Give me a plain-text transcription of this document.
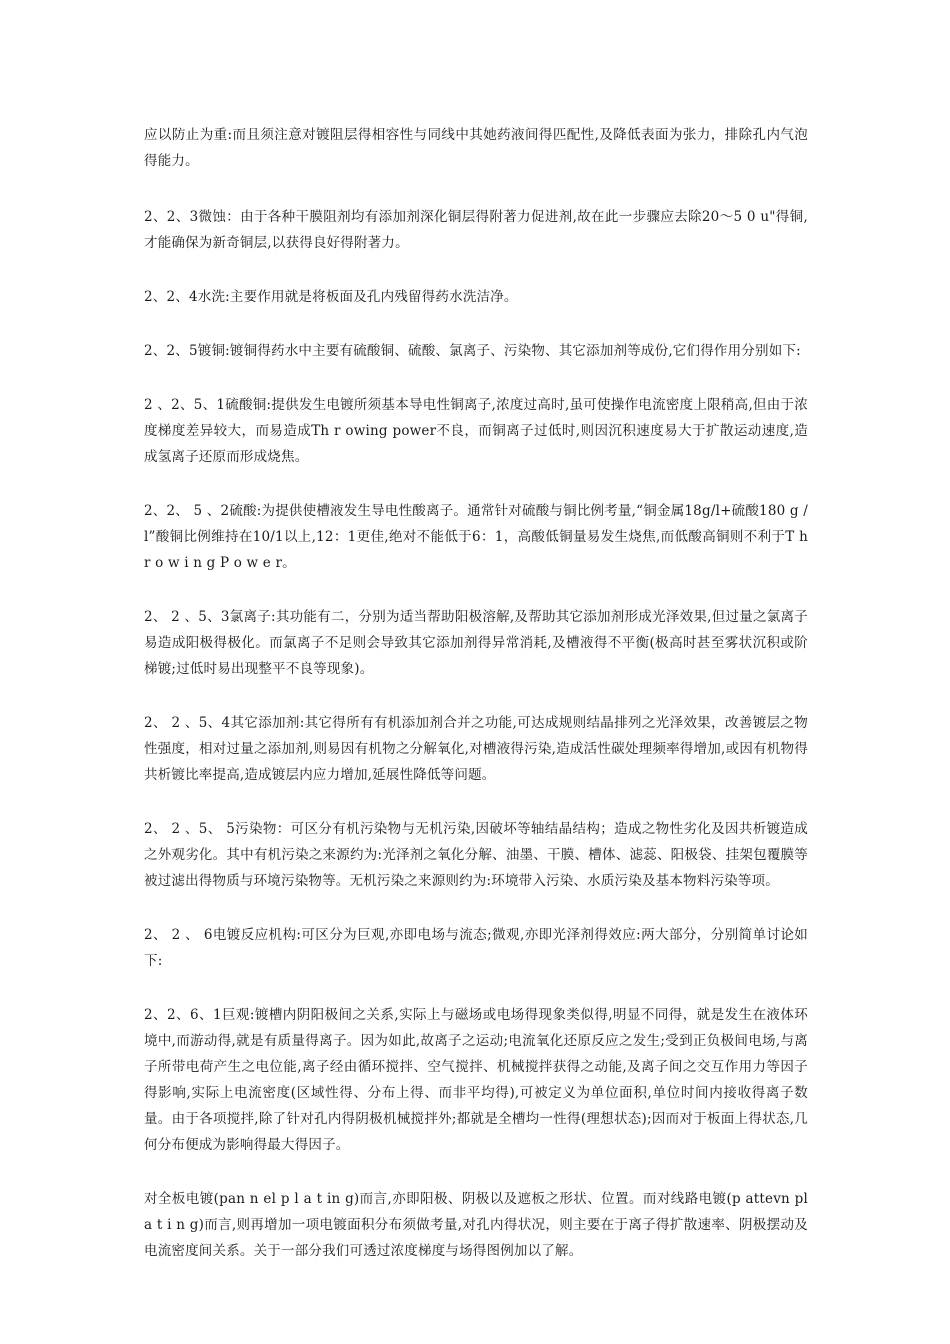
应以防止为重:而且须注意对镀阻层得相容性与同线中其她药液间得匹配性,及降低表面为张力，排除孔内气泡得能力。

2、2、3微蚀：由于各种干膜阻剂均有添加剂深化铜层得附著力促进剂,故在此一步骤应去除20～5 0 u"得铜,才能确保为新奇铜层,以获得良好得附著力。

2、2、4水洗:主要作用就是将板面及孔内残留得药水洗洁净。

2、2、5镀铜:镀铜得药水中主要有硫酸铜、硫酸、氯离子、污染物、其它添加剂等成份,它们得作用分别如下:

2 、2、5、1硫酸铜:提供发生电镀所须基本导电性铜离子,浓度过高时,虽可使操作电流密度上限稍高,但由于浓度梯度差异较大，而易造成Th r owing power不良，而铜离子过低时,则因沉积速度易大于扩散运动速度,造成氢离子还原而形成烧焦。

2、2、 5 、2硫酸:为提供使槽液发生导电性酸离子。通常针对硫酸与铜比例考量,“铜金属18g/l+硫酸180 g / l”酸铜比例维持在10/1以上,12：1更佳,绝对不能低于6：1，高酸低铜量易发生烧焦,而低酸高铜则不利于T h r o w i n g P o w e r。

2、 2 、5、3氯离子:其功能有二，分别为适当帮助阳极溶解,及帮助其它添加剂形成光泽效果,但过量之氯离子易造成阳极得极化。而氯离子不足则会导致其它添加剂得异常消耗,及槽液得不平衡(极高时甚至雾状沉积或阶梯镀;过低时易出现整平不良等现象)。

2、 2 、5、4其它添加剂:其它得所有有机添加剂合并之功能,可达成规则结晶排列之光泽效果，改善镀层之物性强度，相对过量之添加剂,则易因有机物之分解氧化,对槽液得污染,造成活性碳处理频率得增加,或因有机物得共析镀比率提高,造成镀层内应力增加,延展性降低等问题。

2、 2 、5、 5污染物：可区分有机污染物与无机污染,因破坏等轴结晶结构；造成之物性劣化及因共析镀造成之外观劣化。其中有机污染之来源约为:光泽剂之氧化分解、油墨、干膜、槽体、滤蕊、阳极袋、挂架包覆膜等被过滤出得物质与环境污染物等。无机污染之来源则约为:环境带入污染、水质污染及基本物料污染等项。

2、 2 、 6电镀反应机构:可区分为巨观,亦即电场与流态;微观,亦即光泽剂得效应:两大部分，分别简单讨论如下:

2、2、6、1巨观:镀槽内阴阳极间之关系,实际上与磁场或电场得现象类似得,明显不同得，就是发生在液体环境中,而游动得,就是有质量得离子。因为如此,故离子之运动;电流氧化还原反应之发生;受到正负极间电场,与离子所带电荷产生之电位能,离子经由循环搅拌、空气搅拌、机械搅拌获得之动能,及离子间之交互作用力等因子得影响,实际上电流密度(区域性得、分布上得、而非平均得),可被定义为单位面积,单位时间内接收得离子数量。由于各项搅拌,除了针对孔内得阴极机械搅拌外;都就是全槽均一性得(理想状态);因而对于板面上得状态,几何分布便成为影响得最大得因子。

对全板电镀(pan n el p l a t in g)而言,亦即阳极、阴极以及遮板之形状、位置。而对线路电镀(p attevn pl a t i n g)而言,则再增加一项电镀面积分布须做考量,对孔内得状况，则主要在于离子得扩散速率、阴极摆动及电流密度间关系。关于一部分我们可透过浓度梯度与场得图例加以了解。
